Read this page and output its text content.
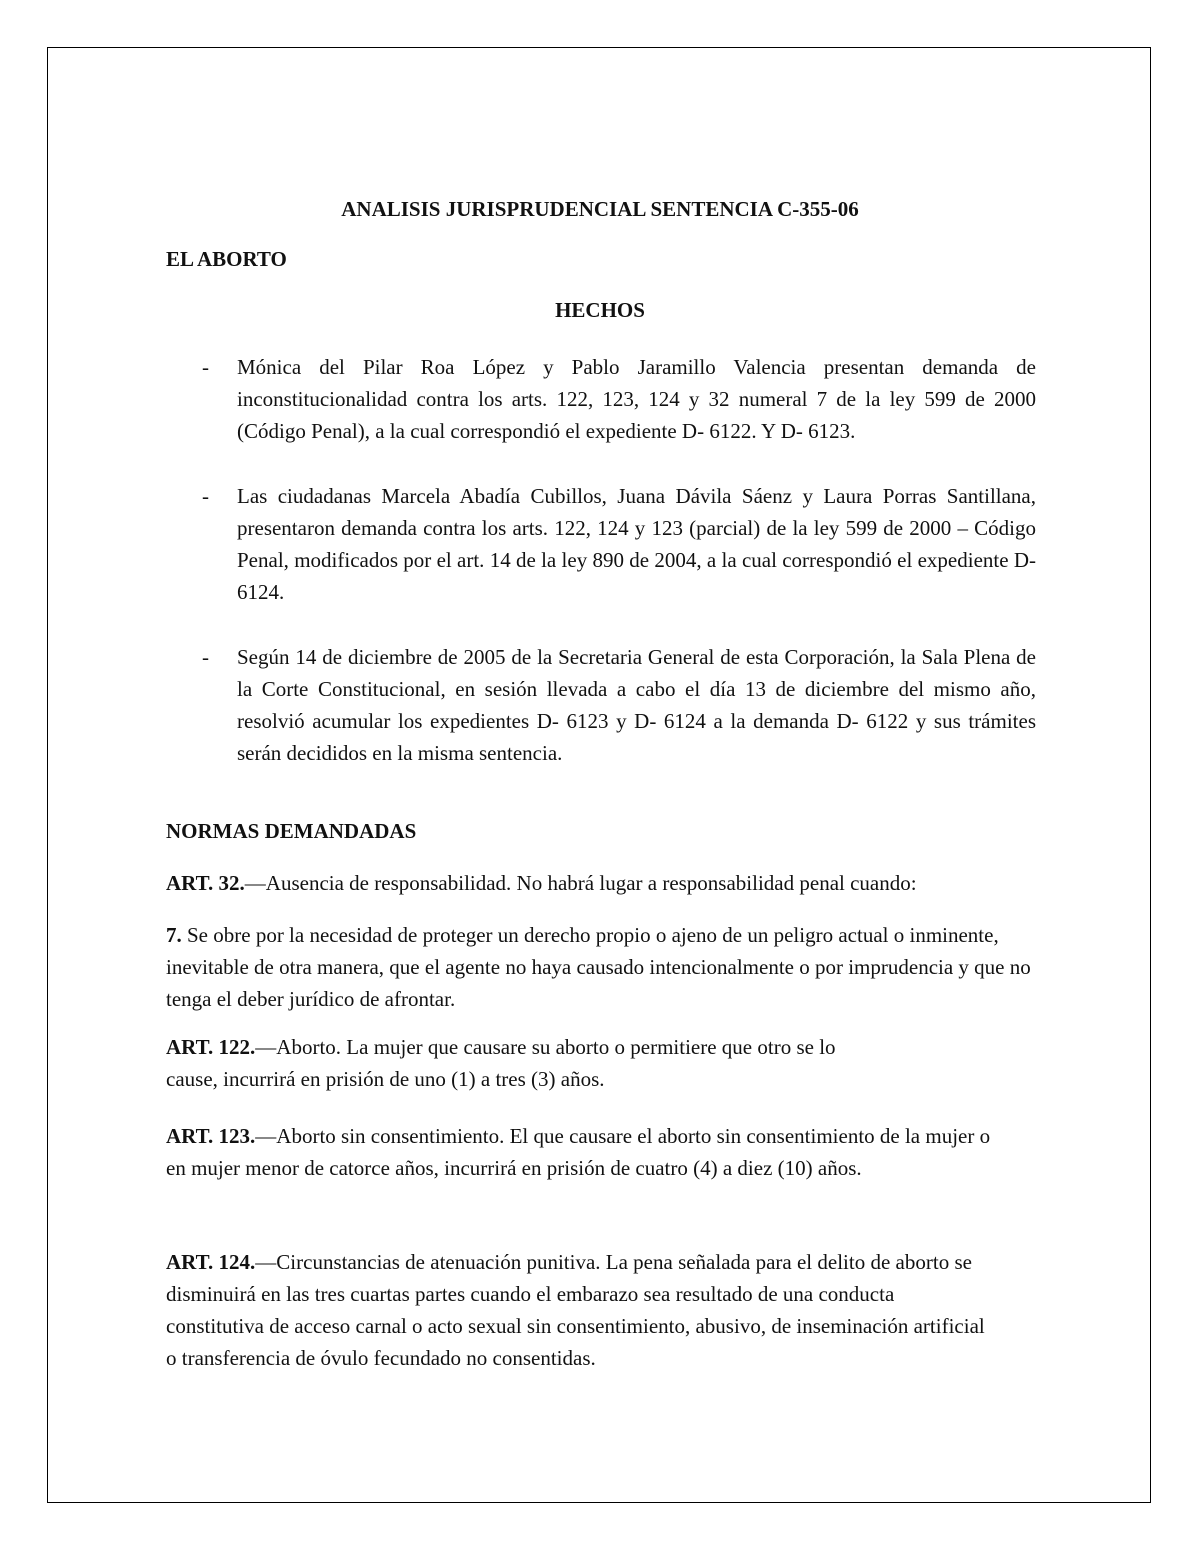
ANALISIS JURISPRUDENCIAL SENTENCIA C-355-06
EL ABORTO
HECHOS
- Mónica del Pilar Roa López y Pablo Jaramillo Valencia presentan demanda de inconstitucionalidad contra los arts. 122, 123, 124 y 32 numeral 7 de la ley 599 de 2000 (Código Penal), a la cual correspondió el expediente D- 6122. Y D- 6123.
- Las ciudadanas Marcela Abadía Cubillos, Juana Dávila Sáenz y Laura Porras Santillana, presentaron demanda contra los arts. 122, 124 y 123 (parcial) de la ley 599 de 2000 – Código Penal, modificados por el art. 14 de la ley 890 de 2004, a la cual correspondió el expediente D- 6124.
- Según 14 de diciembre de 2005 de la Secretaria General de esta Corporación, la Sala Plena de la Corte Constitucional, en sesión llevada a cabo el día 13 de diciembre del mismo año, resolvió acumular los expedientes D- 6123 y D- 6124 a la demanda D- 6122 y sus trámites serán decididos en la misma sentencia.
NORMAS DEMANDADAS

ART. 32.—Ausencia de responsabilidad. No habrá lugar a responsabilidad penal cuando:

7. Se obre por la necesidad de proteger un derecho propio o ajeno de un peligro actual o inminente, inevitable de otra manera, que el agente no haya causado intencionalmente o por imprudencia y que no tenga el deber jurídico de afrontar.

ART. 122.—Aborto. La mujer que causare su aborto o permitiere que otro se lo cause, incurrirá en prisión de uno (1) a tres (3) años.

ART. 123.—Aborto sin consentimiento. El que causare el aborto sin consentimiento de la mujer o en mujer menor de catorce años, incurrirá en prisión de cuatro (4) a diez (10) años.

ART. 124.—Circunstancias de atenuación punitiva. La pena señalada para el delito de aborto se disminuirá en las tres cuartas partes cuando el embarazo sea resultado de una conducta constitutiva de acceso carnal o acto sexual sin consentimiento, abusivo, de inseminación artificial o transferencia de óvulo fecundado no consentidas.
